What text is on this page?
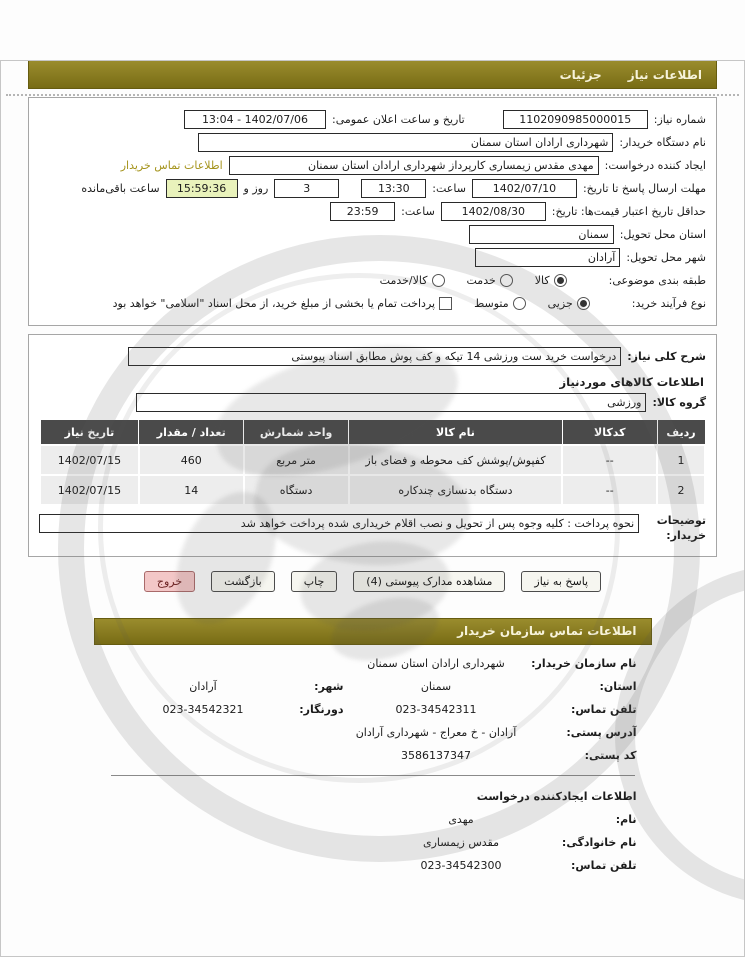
اطلاعات نیاز
جزئیات
شماره نیاز:
1102090985000015
تاریخ و ساعت اعلان عمومی:
13:04 - 1402/07/06
نام دستگاه خریدار:
شهرداری ارادان استان سمنان
ایجاد کننده درخواست:
مهدی مقدس زیمساری کارپرداز شهرداری ارادان استان سمنان
اطلاعات تماس خریدار
مهلت ارسال پاسخ تا تاریخ:
1402/07/10
ساعت:
13:30
3
روز و
15:59:36
ساعت باقی‌مانده
حداقل تاریخ اعتبار قیمت‌ها: تاریخ:
1402/08/30
ساعت:
23:59
استان محل تحویل:
سمنان
شهر محل تحویل:
آرادان
طبقه بندی موضوعی:
کالا
خدمت
کالا/خدمت
نوع فرآیند خرید:
جزیی
متوسط
پرداخت تمام یا بخشی از مبلغ خرید، از محل اسناد "اسلامی" خواهد بود
شرح کلی نیاز:
درخواست خرید ست ورزشی 14 تیکه و کف پوش مطابق اسناد پیوستی
اطلاعات کالاهای موردنیاز
گروه کالا:
ورزشی
ردیف	کدکالا	نام کالا	واحد شمارش	تعداد / مقدار	تاریخ نیاز
1	--	کفپوش/پوشش کف محوطه و فضای باز	متر مربع	460	1402/07/15
2	--	دستگاه بدنسازی چندکاره	دستگاه	14	1402/07/15
توضیحات خریدار:
نحوه پرداخت : کلیه وجوه پس از تحویل و نصب اقلام خریداری شده پرداخت خواهد شد
پاسخ به نیاز
مشاهده مدارک پیوستی (4)
چاپ
بازگشت
خروج
اطلاعات تماس سازمان خریدار
نام سازمان خریدار:
شهرداری ارادان استان سمنان
استان:
سمنان
شهر:
آرادان
تلفن تماس:
023-34542311
دورنگار:
023-34542321
آدرس پستی:
آرادان - خ معراج - شهرداری آرادان
کد پستی:
3586137347
اطلاعات ایجادکننده درخواست
نام:
مهدی
نام خانوادگی:
مقدس زیمساری
تلفن تماس:
023-34542300
